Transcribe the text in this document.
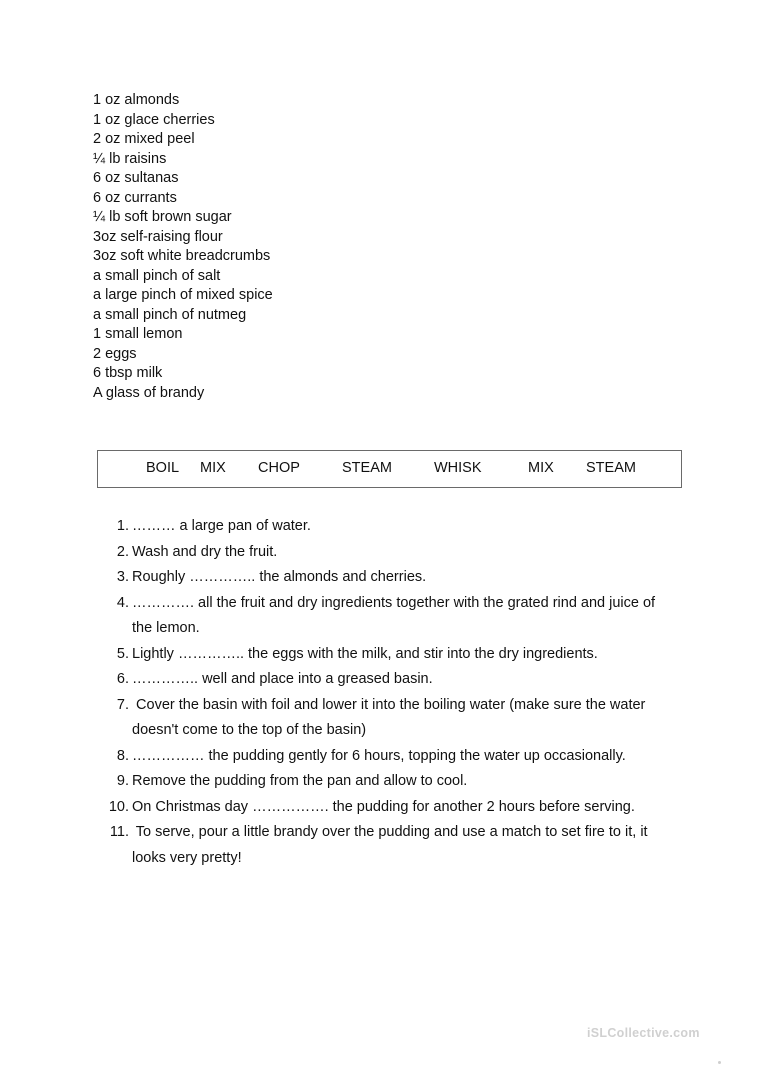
1 oz almonds
1 oz glace cherries
2 oz mixed peel
¼ lb raisins
6 oz sultanas
6 oz currants
¼ lb soft brown sugar
3oz self-raising flour
3oz soft white breadcrumbs
a small pinch of salt
a large pinch of mixed spice
a small pinch of nutmeg
1 small lemon
2 eggs
6 tbsp milk
A glass of brandy
BOIL MIX CHOP	STEAM	WHISK	MIX STEAM
1. ……… a large pan of water.
2. Wash and dry the fruit.
3. Roughly ………….. the almonds and cherries.
4. …………. all the fruit and dry ingredients together with the grated rind and juice of
the lemon.
5. Lightly ………….. the eggs with the milk, and stir into the dry ingredients.
6. ………….. well and place into a greased basin.
7. Cover the basin with foil and lower it into the boiling water (make sure the water
doesn't come to the top of the basin)
8. …………… the pudding gently for 6 hours, topping the water up occasionally.
9. Remove the pudding from the pan and allow to cool.
10. On Christmas day ……………. the pudding for another 2 hours before serving.
11. To serve, pour a little brandy over the pudding and use a match to set fire to it, it
looks very pretty!
iSLCollective.com
